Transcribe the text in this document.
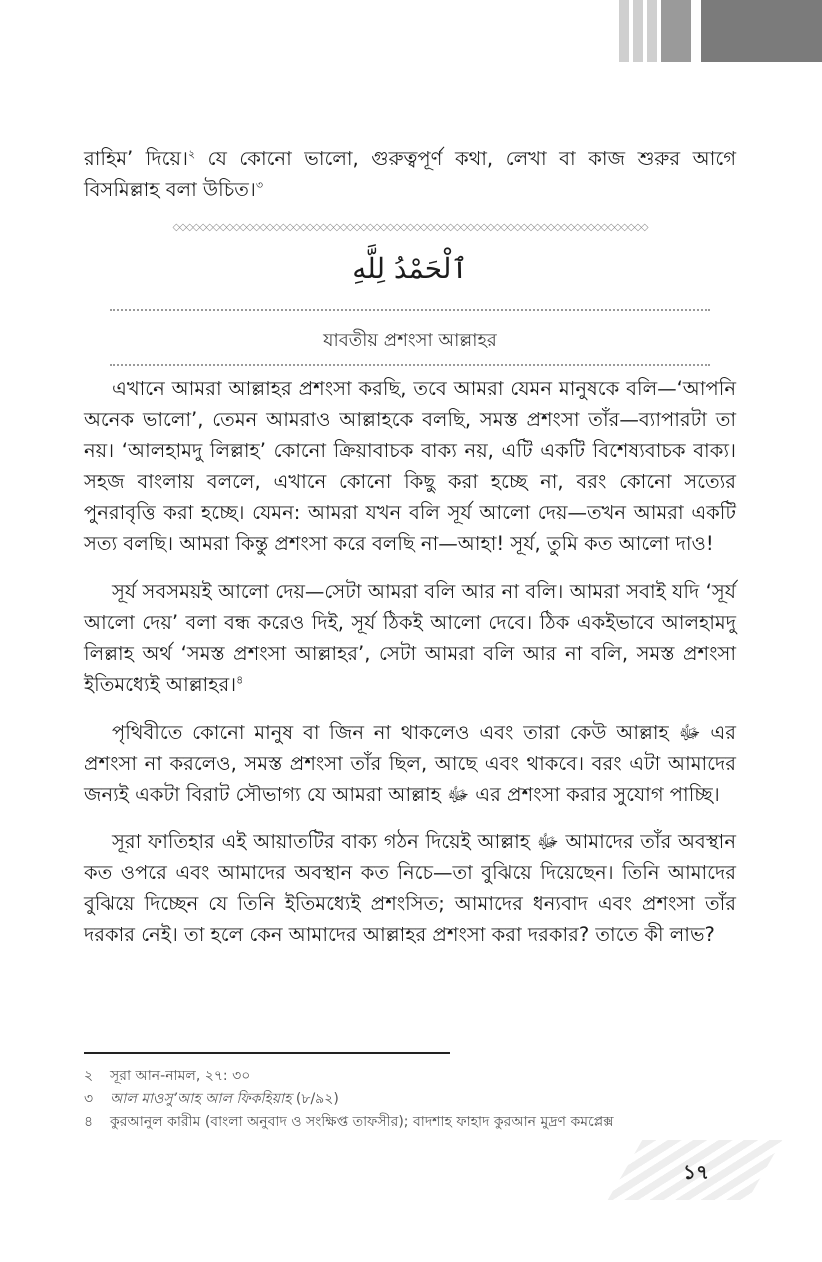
রাহিম’ দিয়ে।$^২$ যে কোনো ভালো, গুরুত্বপূর্ণ কথা, লেখা বা কাজ শুরুর আগে বিসমিল্লাহ বলা উচিত।$^৩$

◇◇◇◇◇◇◇◇◇◇◇◇◇◇◇◇◇◇◇◇◇◇◇◇◇◇◇◇◇◇◇◇◇◇◇◇◇◇◇◇◇◇◇◇◇◇◇◇◇◇◇◇◇◇◇◇◇◇◇◇◇◇◇◇◇◇◇◇◇◇◇
ٱلْحَمْدُ لِلَّهِ
যাবতীয় প্রশংসা আল্লাহর

এখানে আমরা আল্লাহর প্রশংসা করছি, তবে আমরা যেমন মানুষকে বলি—‘আপনি অনেক ভালো’, তেমন আমরাও আল্লাহকে বলছি, সমস্ত প্রশংসা তাঁর—ব্যাপারটা তা নয়। ‘আলহামদু লিল্লাহ’ কোনো ক্রিয়াবাচক বাক্য নয়, এটি একটি বিশেষ্যবাচক বাক্য। সহজ বাংলায় বললে, এখানে কোনো কিছু করা হচ্ছে না, বরং কোনো সত্যের পুনরাবৃত্তি করা হচ্ছে। যেমন: আমরা যখন বলি সূর্য আলো দেয়—তখন আমরা একটি সত্য বলছি। আমরা কিন্তু প্রশংসা করে বলছি না—আহা! সূর্য, তুমি কত আলো দাও!

সূর্য সবসময়ই আলো দেয়—সেটা আমরা বলি আর না বলি। আমরা সবাই যদি ‘সূর্য আলো দেয়’ বলা বন্ধ করেও দিই, সূর্য ঠিকই আলো দেবে। ঠিক একইভাবে আলহামদু লিল্লাহ অর্থ ‘সমস্ত প্রশংসা আল্লাহর’, সেটা আমরা বলি আর না বলি, সমস্ত প্রশংসা ইতিমধ্যেই আল্লাহর।$^৪$

পৃথিবীতে কোনো মানুষ বা জিন না থাকলেও এবং তারা কেউ আল্লাহ ﷻ এর প্রশংসা না করলেও, সমস্ত প্রশংসা তাঁর ছিল, আছে এবং থাকবে। বরং এটা আমাদের জন্যই একটা বিরাট সৌভাগ্য যে আমরা আল্লাহ ﷻ এর প্রশংসা করার সুযোগ পাচ্ছি।

সূরা ফাতিহার এই আয়াতটির বাক্য গঠন দিয়েই আল্লাহ ﷻ আমাদের তাঁর অবস্থান কত ওপরে এবং আমাদের অবস্থান কত নিচে—তা বুঝিয়ে দিয়েছেন। তিনি আমাদের বুঝিয়ে দিচ্ছেন যে তিনি ইতিমধ্যেই প্রশংসিত; আমাদের ধন্যবাদ এবং প্রশংসা তাঁর দরকার নেই। তা হলে কেন আমাদের আল্লাহর প্রশংসা করা দরকার? তাতে কী লাভ?

২ সূরা আন-নামল, ২৭: ৩০
৩ আল মাওসু’আহ আল ফিকহিয়াহ (৮/৯২)
৪ কুরআনুল কারীম (বাংলা অনুবাদ ও সংক্ষিপ্ত তাফসীর); বাদশাহ ফাহাদ কুরআন মুদ্রণ কমপ্লেক্স
১৭
